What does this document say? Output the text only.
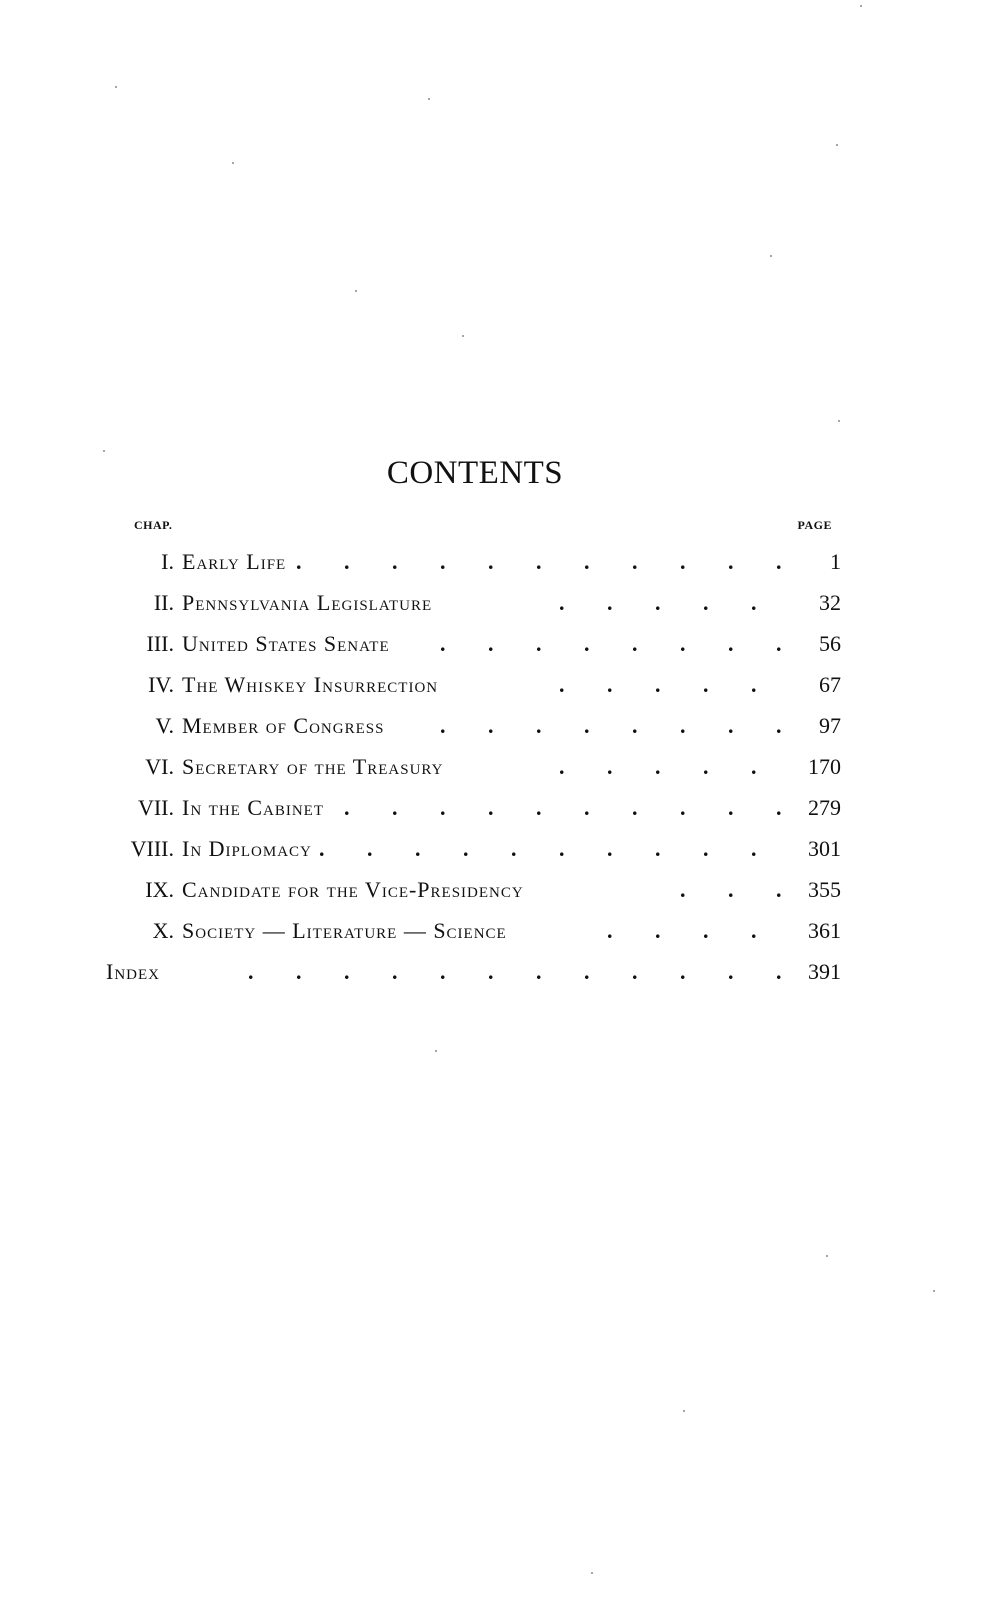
CONTENTS
CHAP.	PAGE
I. Early Life . . . . . . . . . . . 1
II. Pennsylvania Legislature	. . . . . 32
III. United States Senate . . . . . . . . 56
IV. The Whiskey Insurrection	. . . . . 67
V. Member of Congress	. . . . . . . . 97
VI. Secretary of the Treasury	. . . . . 170
VII. In the Cabinet . . . . . . . . . . 279
VIII. In Diplomacy . . . . . . . . . . 301
IX. Candidate for the Vice-Presidency	. . . 355
X. Society — Literature — Science	. . . . 361
Index	. . . . . . . . . . . . 391
